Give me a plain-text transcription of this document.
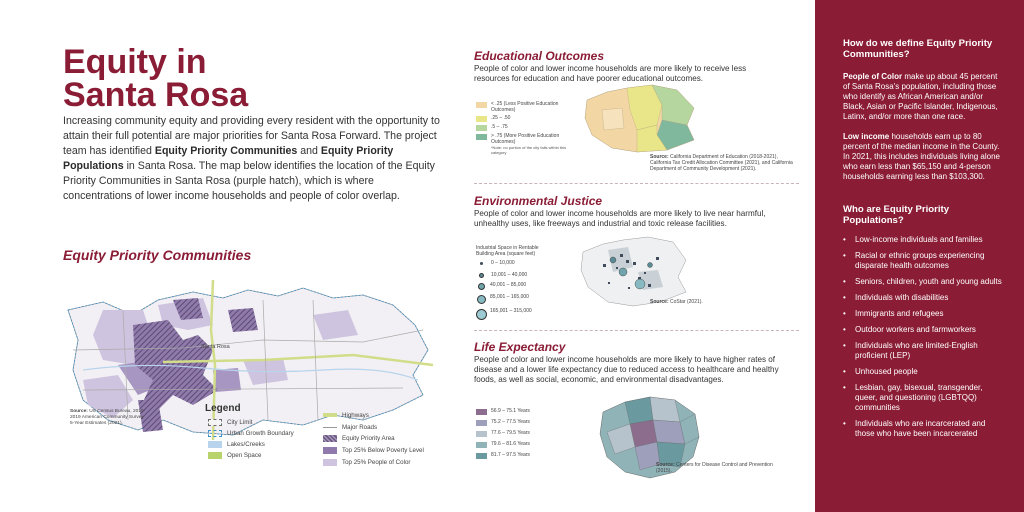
Equity in
Santa Rosa

Increasing community equity and providing every resident with the opportunity to attain their full potential are major priorities for Santa Rosa Forward. The project team has identified Equity Priority Communities and Equity Priority Populations in Santa Rosa. The map below identifies the location of the Equity Priority Communities in Santa Rosa (purple hatch), which is where concentrations of lower income households and people of color overlap.

Equity Priority Communities
Santa Rosa
Source: US Census Bureau, 2015-2019 American Community Survey 5-Year Estimates (2021).
Legend
City Limit
Urban Growth Boundary
Lakes/Creeks
Open Space
Highways
Major Roads
Equity Priority Area
Top 25% Below Poverty Level
Top 25% People of Color
Educational Outcomes

People of color and lower income households are more likely to receive less resources for education and have poorer educational outcomes.

< .25 (Less Positive Education Outcomes)
.25 – .50
.5 – .75
> .75 (More Positive Education Outcomes)
*Note: no portion of the city falls within this category
Source: California Department of Education (2018-2021), California Tax Credit Allocation Committee (2021), and California Department of Community Development (2021).
Environmental Justice

People of color and lower income households are more likely to live near harmful, unhealthy uses, like freeways and industrial and toxic release facilities.

Industrial Space in Rentable Building Area (square feet)
0 – 10,000
10,001 – 40,000
40,001 – 85,000
85,001 – 165,000
165,001 – 315,000
Source: CoStar (2021).
Life Expectancy

People of color and lower income households are more likely to have higher rates of disease and a lower life expectancy due to reduced access to healthcare and healthy foods, as well as social, economic, and environmental disadvantages.

56.9 – 75.1 Years
75.2 – 77.5 Years
77.6 – 79.5 Years
79.6 – 81.6 Years
81.7 – 97.5 Years
Source: Centers for Disease Control and Prevention (2015).
How do we define Equity Priority Communities?

People of Color make up about 45 percent of Santa Rosa's population, including those who identify as African American and/or Black, Asian or Pacific Islander, Indigenous, Latinx, and/or more than one race.

Low income households earn up to 80 percent of the median income in the County. In 2021, this includes individuals living alone who earn less than $65,150 and 4-person households earning less than $103,300.

Who are Equity Priority Populations?
• Low-income individuals and families
• Racial or ethnic groups experiencing disparate health outcomes
• Seniors, children, youth and young adults
• Individuals with disabilities
• Immigrants and refugees
• Outdoor workers and farmworkers
• Individuals who are limited-English proficient (LEP)
• Unhoused people
• Lesbian, gay, bisexual, transgender, queer, and questioning (LGBTQQ) communities
• Individuals who are incarcerated and those who have been incarcerated
